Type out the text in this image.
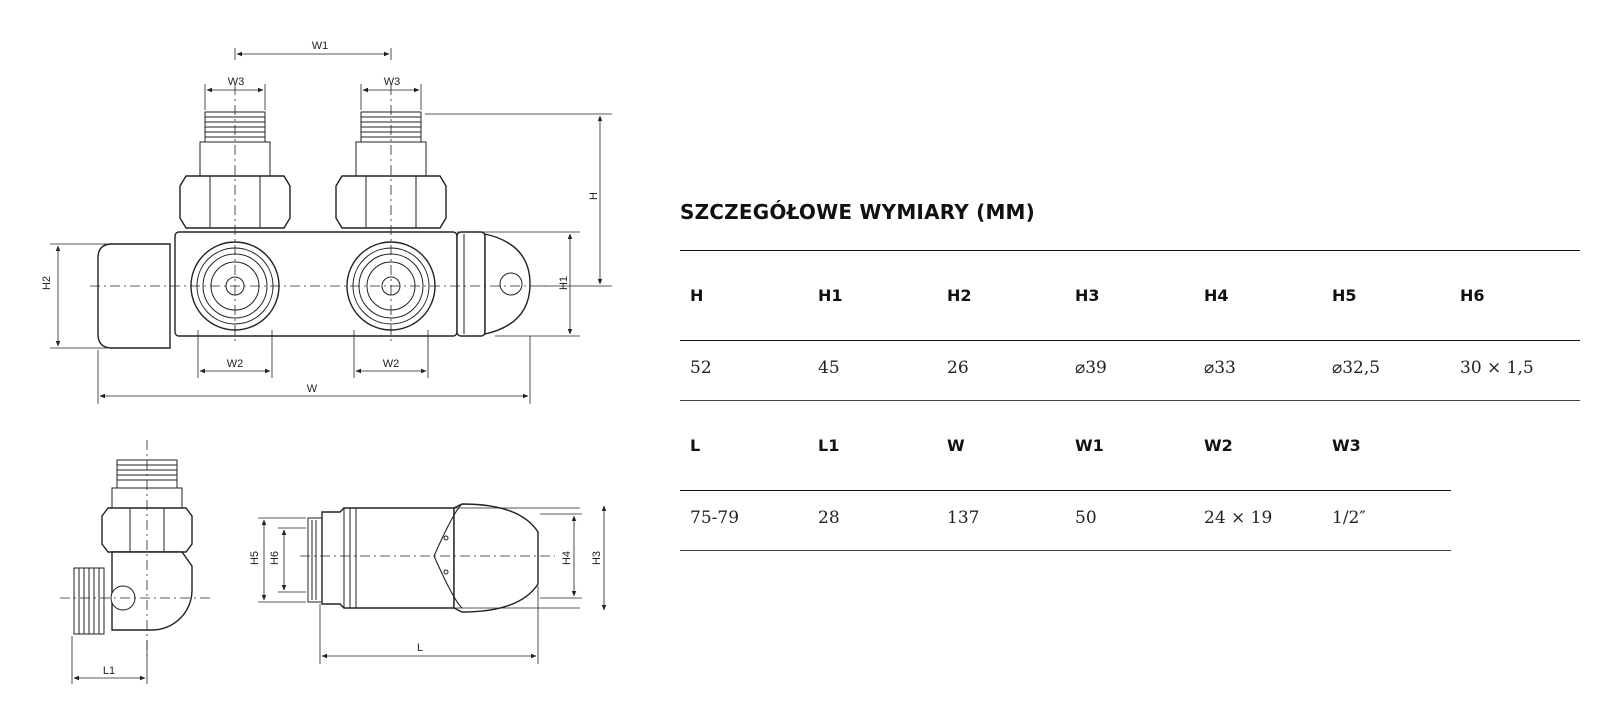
W1
W3	W3
H
H1
H2
W2	W2
W
L1
L
H5 H6	H4 H3
SZCZEGÓŁOWE WYMIARY (MM)
H	H1	H2	H3	H4	H5	H6
52	45	26	⌀39	⌀33	⌀32,5	30 × 1,5
L	L1	W	W1	W2	W3
75-79	28	137	50	24 × 19	1/2″
